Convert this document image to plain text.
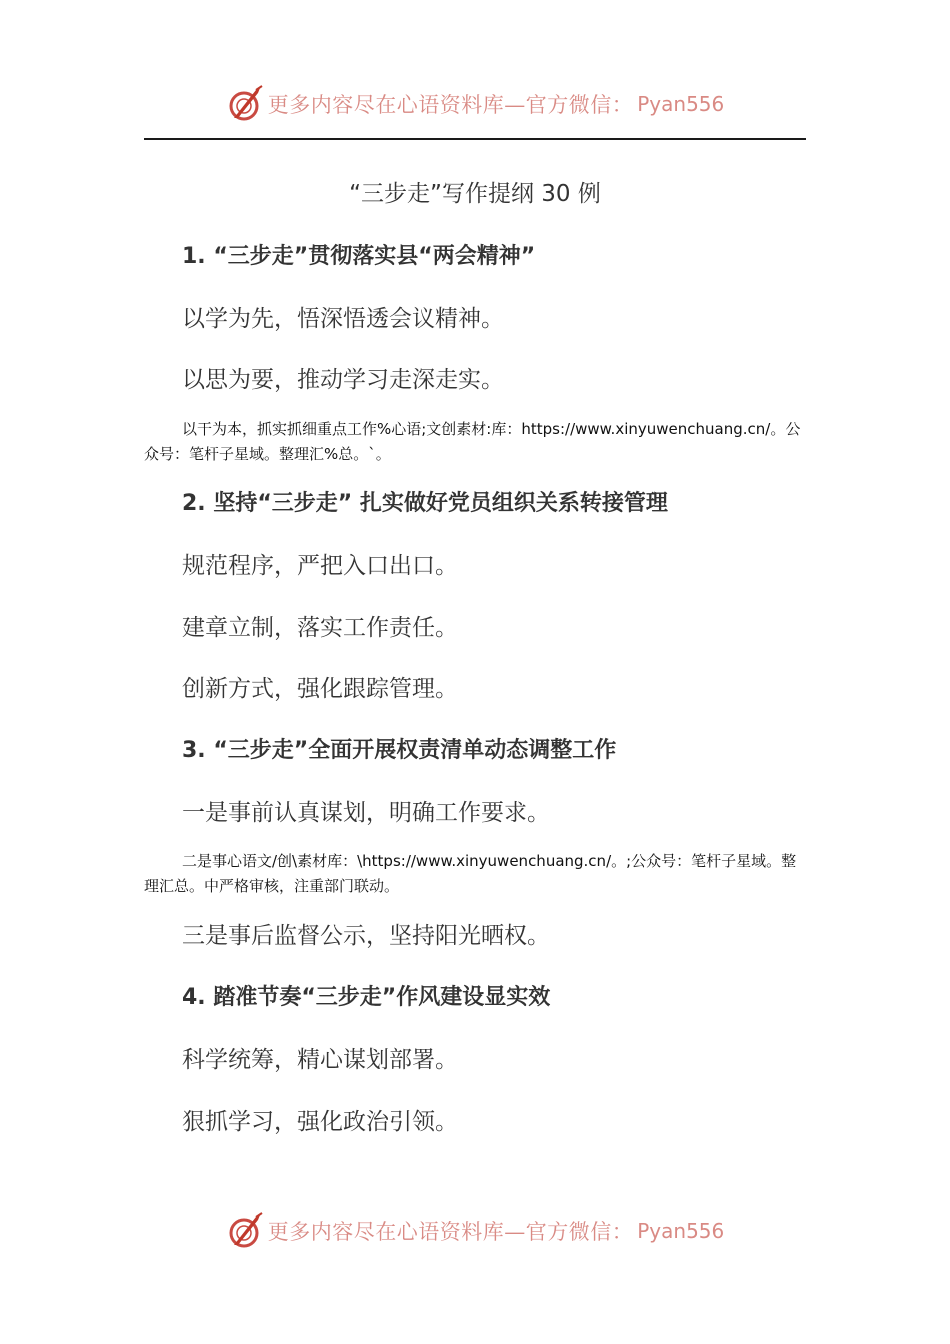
更多内容尽在心语资料库—官方微信： Pyan556
“三步走”写作提纲 30 例
1. “三步走”贯彻落实县“两会精神”
以学为先，悟深悟透会议精神。
以思为要，推动学习走深走实。
以干为本，抓实抓细重点工作%心语;文创素材:库：https://www.xinyuwenchuang.cn/。公众号：笔杆子星域。整理汇%总。`。
2. 坚持“三步走” 扎实做好党员组织关系转接管理
规范程序，严把入口出口。
建章立制，落实工作责任。
创新方式，强化跟踪管理。
3. “三步走”全面开展权责清单动态调整工作
一是事前认真谋划，明确工作要求。
二是事心语文/创\素材库：\https://www.xinyuwenchuang.cn/。;公众号：笔杆子星域。整理汇总。中严格审核，注重部门联动。
三是事后监督公示，坚持阳光晒权。
4. 踏准节奏“三步走”作风建设显实效
科学统筹，精心谋划部署。
狠抓学习，强化政治引领。
更多内容尽在心语资料库—官方微信： Pyan556
